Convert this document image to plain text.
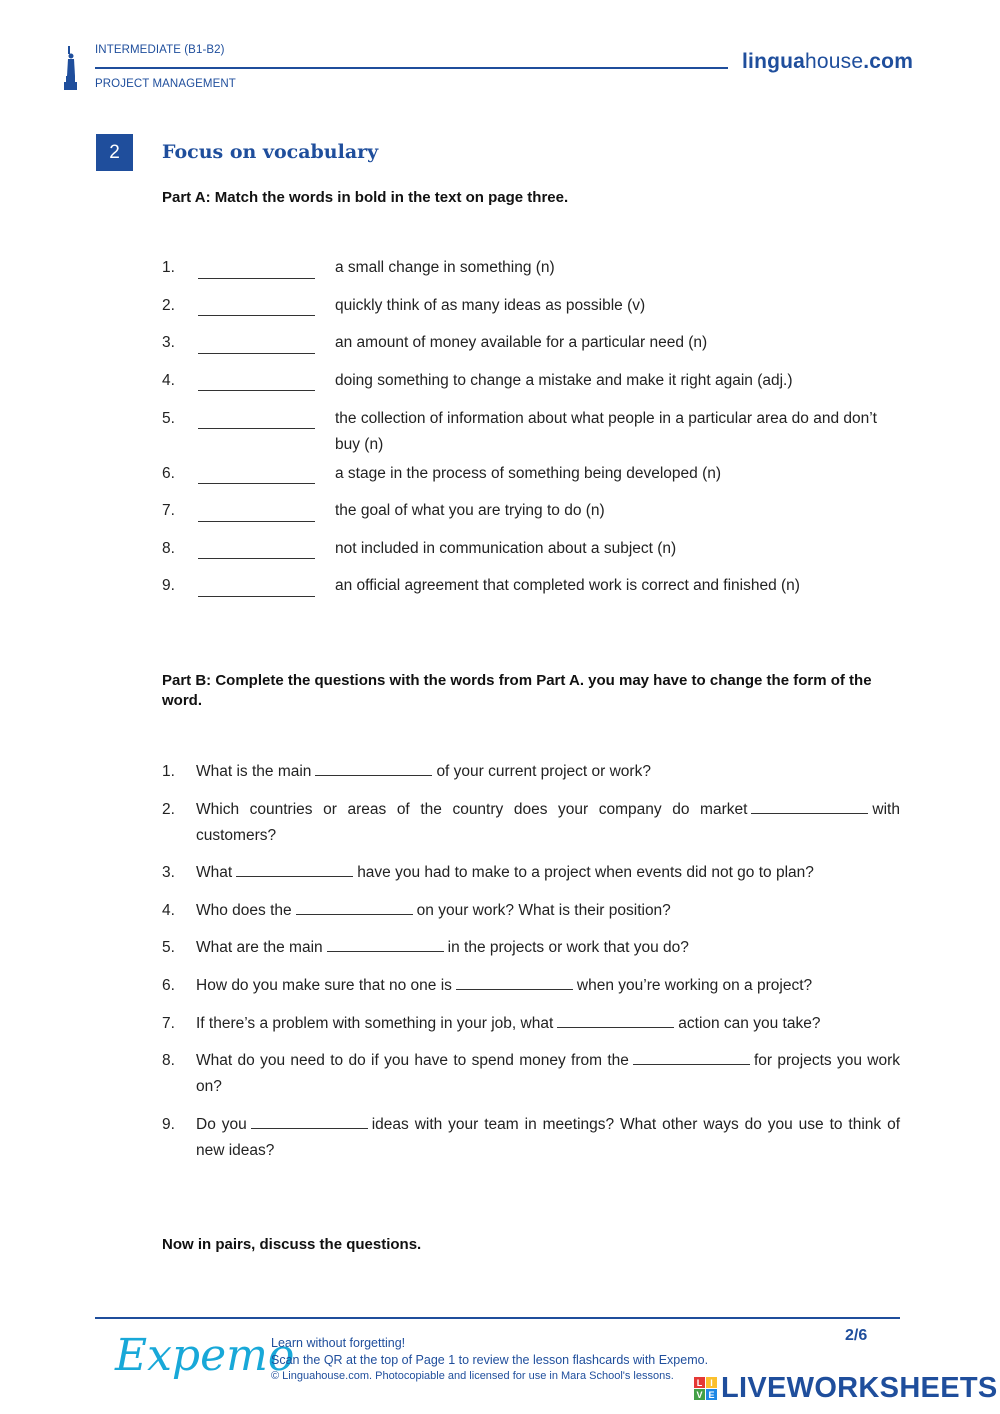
INTERMEDIATE (B1-B2)
PROJECT MANAGEMENT
linguahouse.com
2	Focus on vocabulary
Part A: Match the words in bold in the text on page three.
1.	a small change in something (n)
2.	quickly think of as many ideas as possible (v)
3.	an amount of money available for a particular need (n)
4.	doing something to change a mistake and make it right again (adj.)
5.	the collection of information about what people in a particular area do and don’t buy (n)
6.	a stage in the process of something being developed (n)
7.	the goal of what you are trying to do (n)
8.	not included in communication about a subject (n)
9.	an official agreement that completed work is correct and finished (n)
Part B: Complete the questions with the words from Part A. you may have to change the form of the word.
1. What is the main	of your current project or work?
2. Which countries or areas of the country does your company do market	with customers?
3. What	have you had to make to a project when events did not go to plan?
4. Who does the	on your work? What is their position?
5. What are the main	in the projects or work that you do?
6. How do you make sure that no one is	when you’re working on a project?
7. If there’s a problem with something in your job, what	action can you take?
8. What do you need to do if you have to spend money from the	for projects you work on?
9. Do you	ideas with your team in meetings? What other ways do you use to think of new ideas?
Now in pairs, discuss the questions.
Expemo
Learn without forgetting!
Scan the QR at the top of Page 1 to review the lesson flashcards with Expemo.
© Linguahouse.com. Photocopiable and licensed for use in Mara School's lessons.
2/6
L I
V E LIVEWORKSHEETS
